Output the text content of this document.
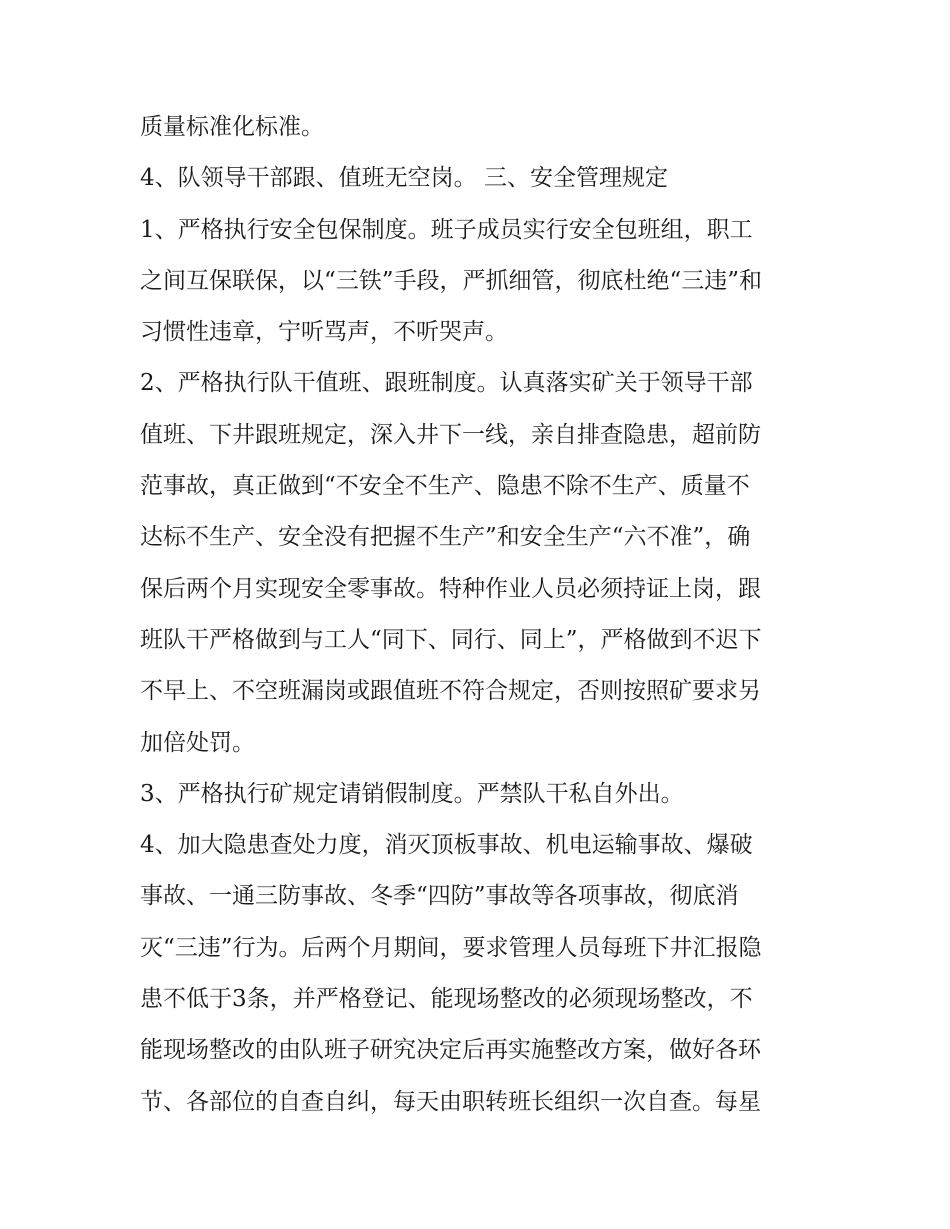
质量标准化标准。
4、队领导干部跟、值班无空岗。 三、安全管理规定
1、严格执行安全包保制度。班子成员实行安全包班组，职工
之间互保联保，以“三铁”手段，严抓细管，彻底杜绝“三违”和
习惯性违章，宁听骂声，不听哭声。
2、严格执行队干值班、跟班制度。认真落实矿关于领导干部
值班、下井跟班规定，深入井下一线，亲自排查隐患，超前防
范事故，真正做到“不安全不生产、隐患不除不生产、质量不
达标不生产、安全没有把握不生产”和安全生产“六不准”，确
保后两个月实现安全零事故。特种作业人员必须持证上岗，跟
班队干严格做到与工人“同下、同行、同上”，严格做到不迟下
不早上、不空班漏岗或跟值班不符合规定，否则按照矿要求另
加倍处罚。
3、严格执行矿规定请销假制度。严禁队干私自外出。
4、加大隐患查处力度，消灭顶板事故、机电运输事故、爆破
事故、一通三防事故、冬季“四防”事故等各项事故，彻底消
灭“三违”行为。后两个月期间，要求管理人员每班下井汇报隐
患不低于3条，并严格登记、能现场整改的必须现场整改，不
能现场整改的由队班子研究决定后再实施整改方案，做好各环
节、各部位的自查自纠，每天由职转班长组织一次自查。每星
